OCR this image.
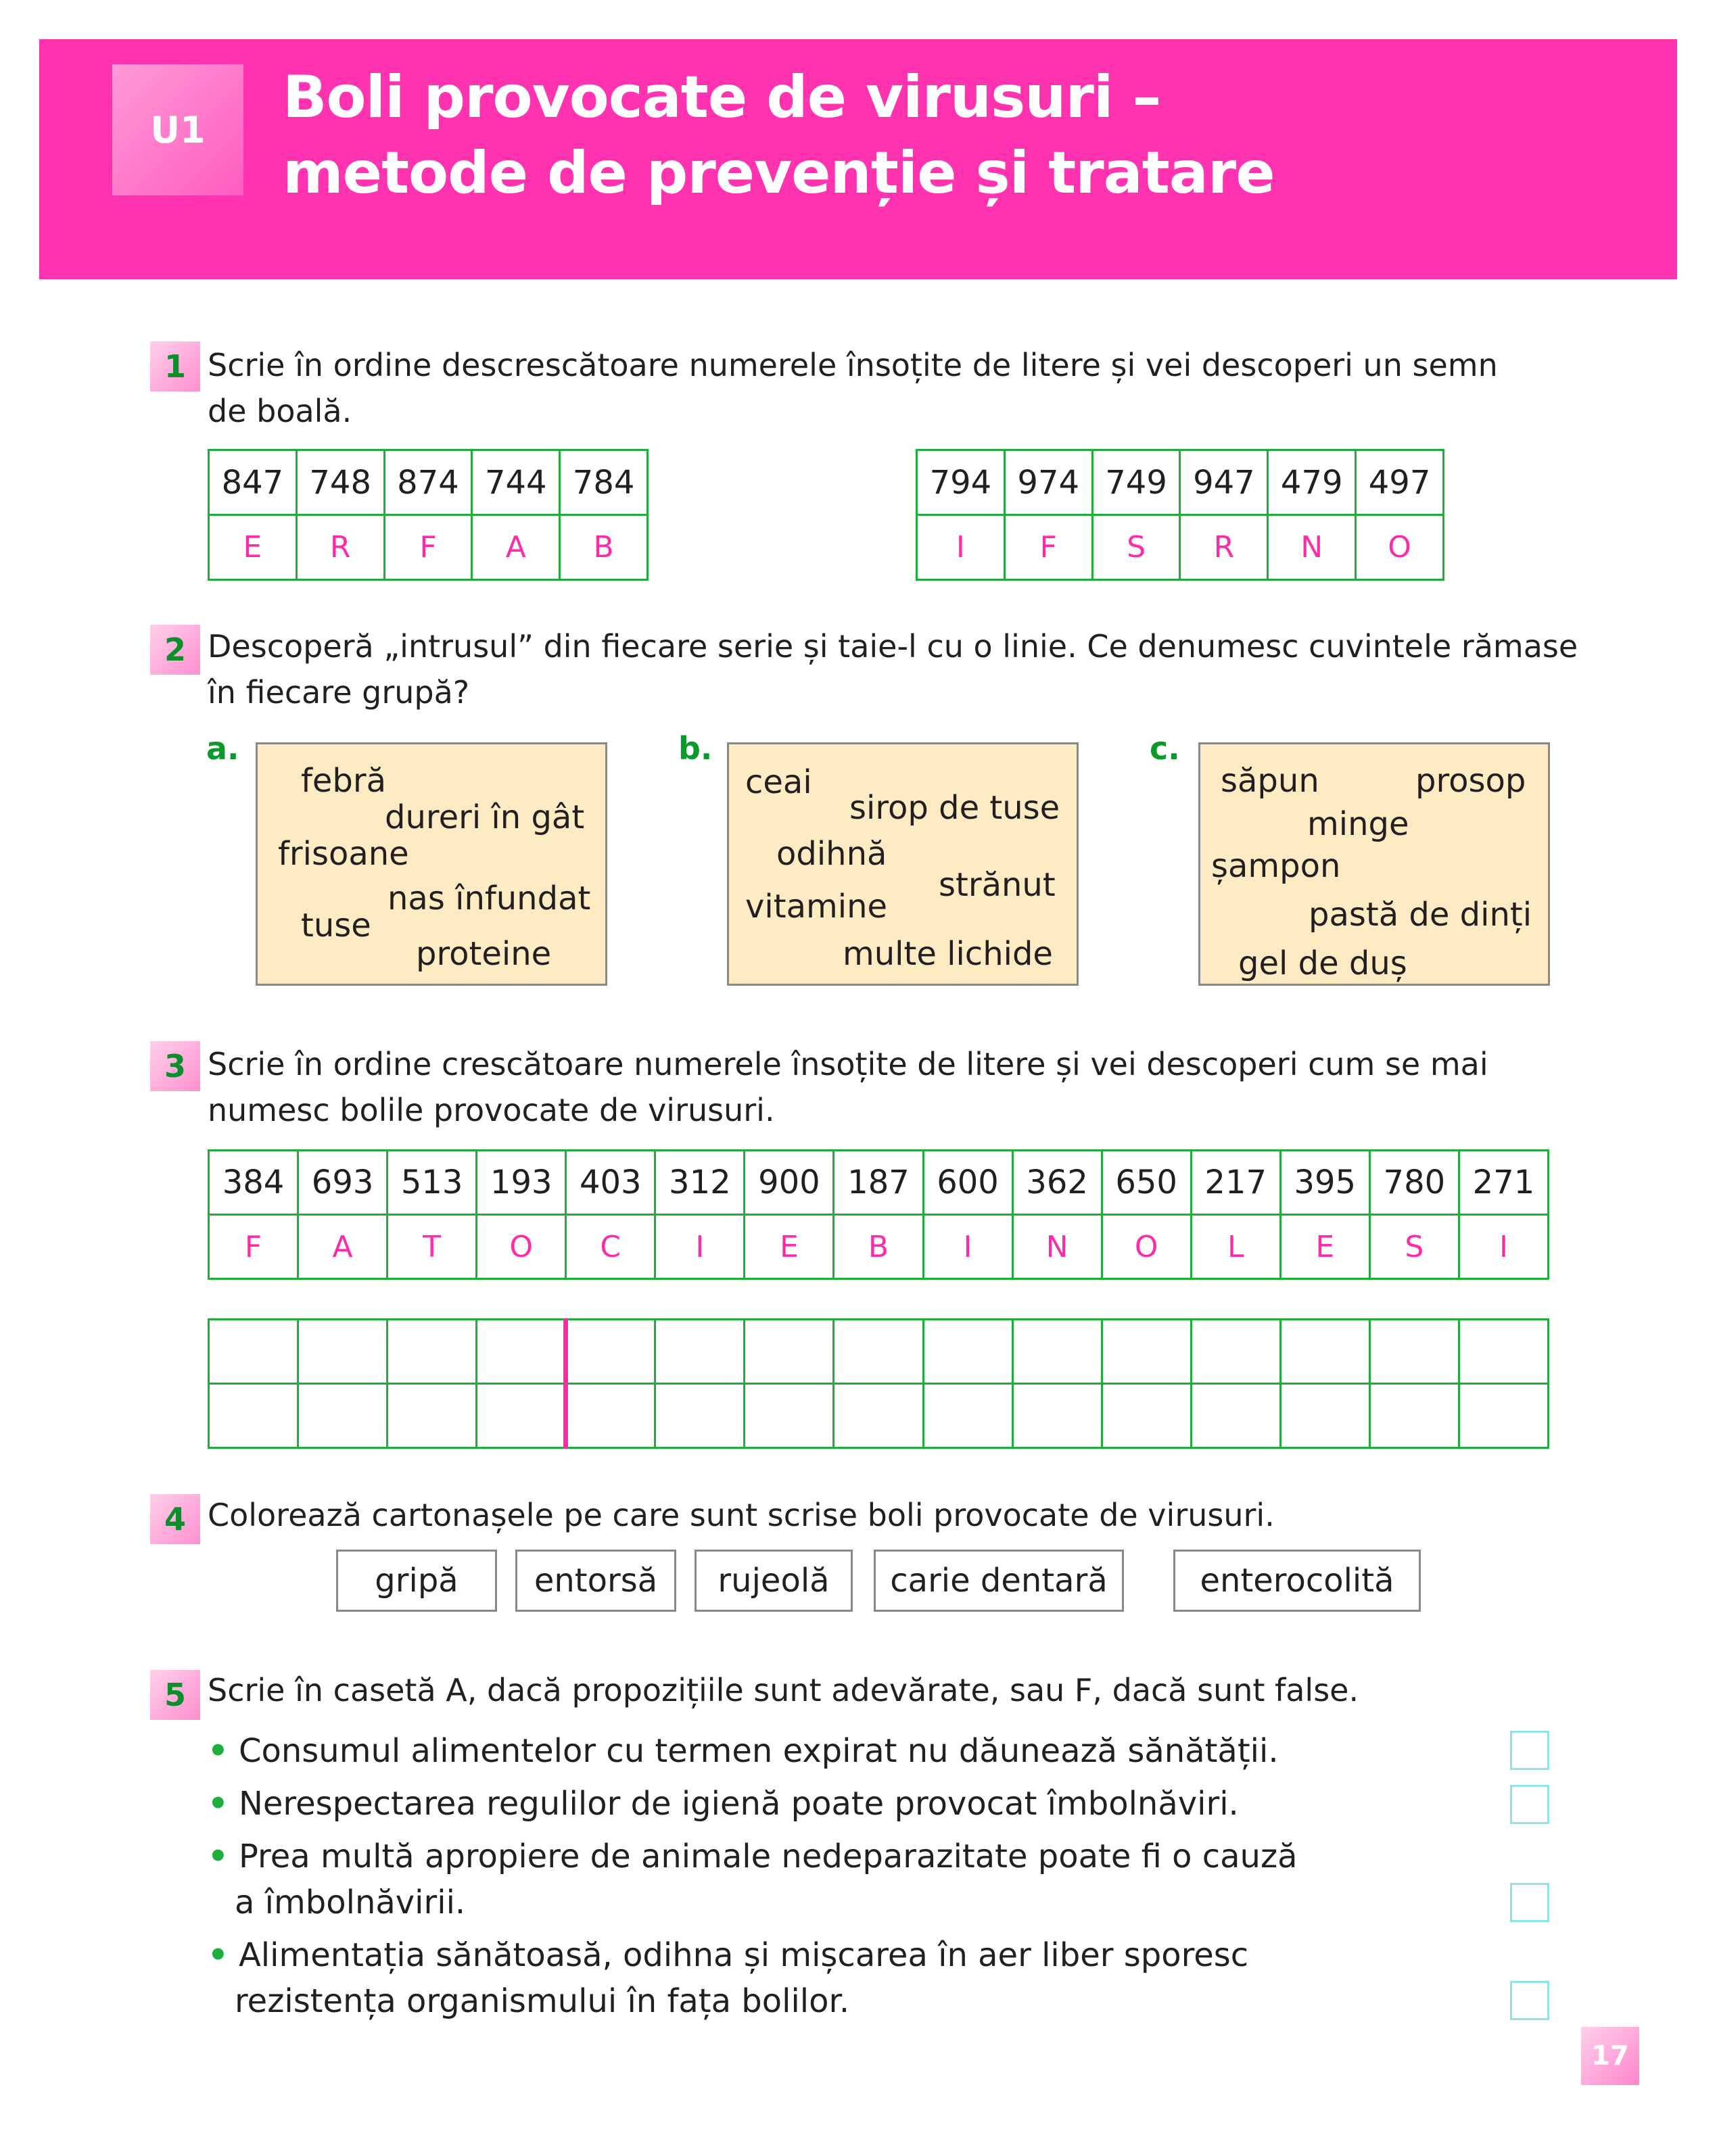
U1	Boli provocate de virusuri –
metode de prevenție și tratare
1 Scrie în ordine descrescătoare numerele însoțite de litere și vei descoperi un semn
de boală.
847	748	874	744	784
E	R	F	A	B
794	974	749	947	479	497
I	F	S	R	N	O
2 Descoperă „intrusul” din fiecare serie și taie-l cu o linie. Ce denumesc cuvintele rămase
în fiecare grupă?
a.
febră
dureri în gât
frisoane
nas înfundat
tuse
proteine
b.
ceai
sirop de tuse
odihnă
strănut
vitamine
multe lichide
c.
săpun	prosop
minge
șampon
pastă de dinți
gel de duș
3 Scrie în ordine crescătoare numerele însoțite de litere și vei descoperi cum se mai
numesc bolile provocate de virusuri.
384	693	513	193	403	312	900	187	600	362	650	217	395	780	271
F	A	T	O	C	I	E	B	I	N	O	L	E	S	I

4 Colorează cartonașele pe care sunt scrise boli provocate de virusuri.
gripă	entorsă	rujeolă	carie dentară	enterocolită
5 Scrie în casetă A, dacă propozițiile sunt adevărate, sau F, dacă sunt false.
• Consumul alimentelor cu termen expirat nu dăunează sănătății.
• Nerespectarea regulilor de igienă poate provocat îmbolnăviri.
• Prea multă apropiere de animale nedeparazitate poate fi o cauză
a îmbolnăvirii.
• Alimentația sănătoasă, odihna și mișcarea în aer liber sporesc
rezistența organismului în fața bolilor.
17
